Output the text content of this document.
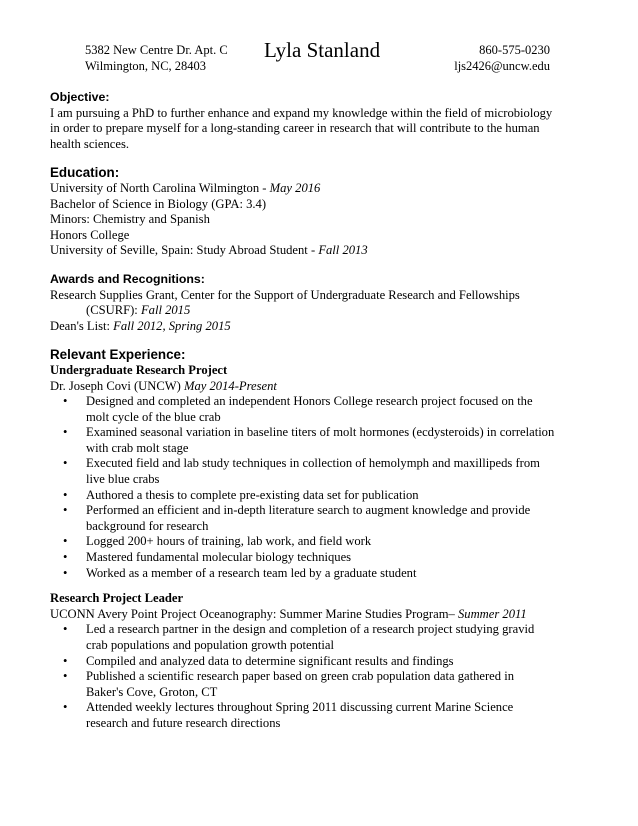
5382 New Centre Dr. Apt. C
Wilmington, NC, 28403
Lyla Stanland	860-575-0230
ljs2426@uncw.edu
Objective:
I am pursuing a PhD to further enhance and expand my knowledge within the field of microbiology
in order to prepare myself for a long-standing career in research that will contribute to the human
health sciences.
Education:
University of North Carolina Wilmington - May 2016
Bachelor of Science in Biology (GPA: 3.4)
Minors: Chemistry and Spanish
Honors College
University of Seville, Spain: Study Abroad Student - Fall 2013
Awards and Recognitions:
Research Supplies Grant, Center for the Support of Undergraduate Research and Fellowships
(CSURF): Fall 2015
Dean's List: Fall 2012, Spring 2015
Relevant Experience:
Undergraduate Research Project
Dr. Joseph Covi (UNCW) May 2014-Present
• Designed and completed an independent Honors College research project focused on the
molt cycle of the blue crab
• Examined seasonal variation in baseline titers of molt hormones (ecdysteroids) in correlation
with crab molt stage
• Executed field and lab study techniques in collection of hemolymph and maxillipeds from
live blue crabs
• Authored a thesis to complete pre-existing data set for publication
• Performed an efficient and in-depth literature search to augment knowledge and provide
background for research
• Logged 200+ hours of training, lab work, and field work
• Mastered fundamental molecular biology techniques
• Worked as a member of a research team led by a graduate student
Research Project Leader
UCONN Avery Point Project Oceanography: Summer Marine Studies Program– Summer 2011
• Led a research partner in the design and completion of a research project studying gravid
crab populations and population growth potential
• Compiled and analyzed data to determine significant results and findings
• Published a scientific research paper based on green crab population data gathered in
Baker's Cove, Groton, CT
• Attended weekly lectures throughout Spring 2011 discussing current Marine Science
research and future research directions
